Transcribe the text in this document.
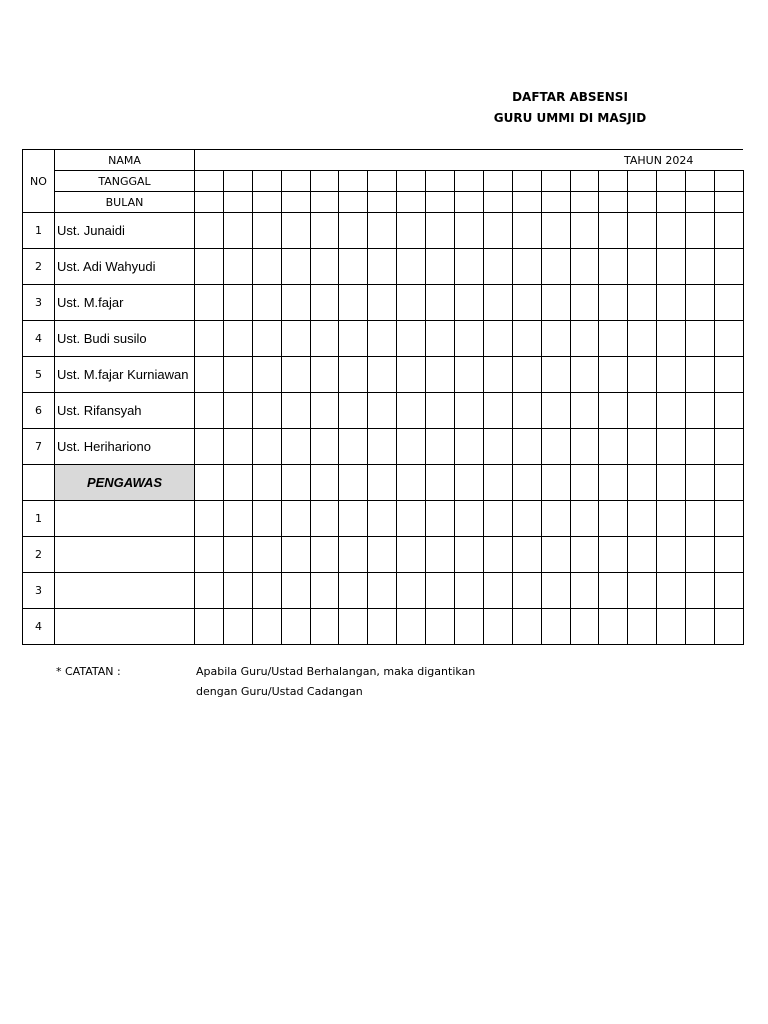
DAFTAR ABSENSI
GURU UMMI DI MASJID
NO	NAMA	TAHUN 2024																		
	TANGGAL																			
	BULAN																			
1	Ust. Junaidi																			
2	Ust. Adi Wahyudi																			
3	Ust. M.fajar																			
4	Ust. Budi susilo																			
5	Ust. M.fajar Kurniawan																			
6	Ust. Rifansyah																			
7	Ust. Herihariono																			
	PENGAWAS																			
1																				
2																				
3																				
4																				
* CATATAN :	Apabila Guru/Ustad Berhalangan, maka digantikan
dengan Guru/Ustad Cadangan
